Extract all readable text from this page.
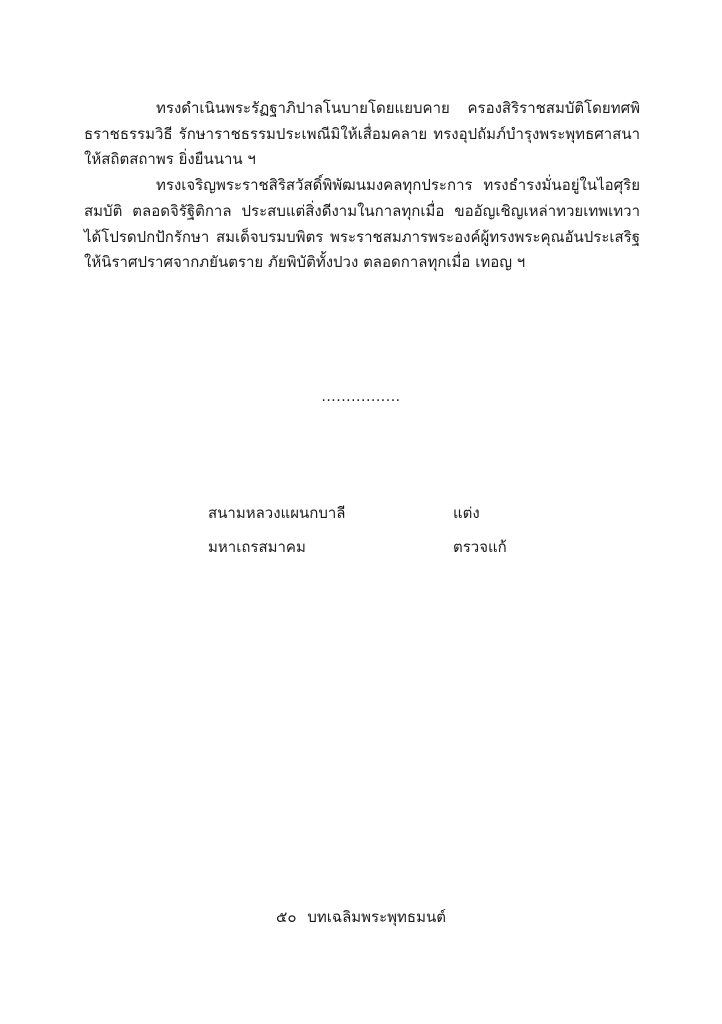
ทรงดำเนินพระรัฏฐาภิปาลโนบายโดยแยบคาย ครองสิริราชสมบัติโดยทศพิธราชธรรมวิธี รักษาราชธรรมประเพณีมิให้เสื่อมคลาย ทรงอุปถัมภ์บำรุงพระพุทธศาสนาให้สถิตสถาพร ยิ่งยืนนาน ฯ

ทรงเจริญพระราชสิริสวัสดิ์พิพัฒนมงคลทุกประการ ทรงธำรงมั่นอยู่ในไอศุริยสมบัติ ตลอดจิรัฐิติกาล ประสบแต่สิ่งดีงามในกาลทุกเมื่อ ขออัญเชิญเหล่าทวยเทพเทวาได้โปรดปกปักรักษา สมเด็จบรมบพิตร พระราชสมภารพระองค์ผู้ทรงพระคุณอันประเสริฐ ให้นิราศปราศจากภยันตราย ภัยพิบัติทั้งปวง ตลอดกาลทุกเมื่อ เทอญ ฯ

................
สนามหลวงแผนกบาลี	แต่ง
มหาเถรสมาคม	ตรวจแก้
๕๐ บทเฉลิมพระพุทธมนต์
